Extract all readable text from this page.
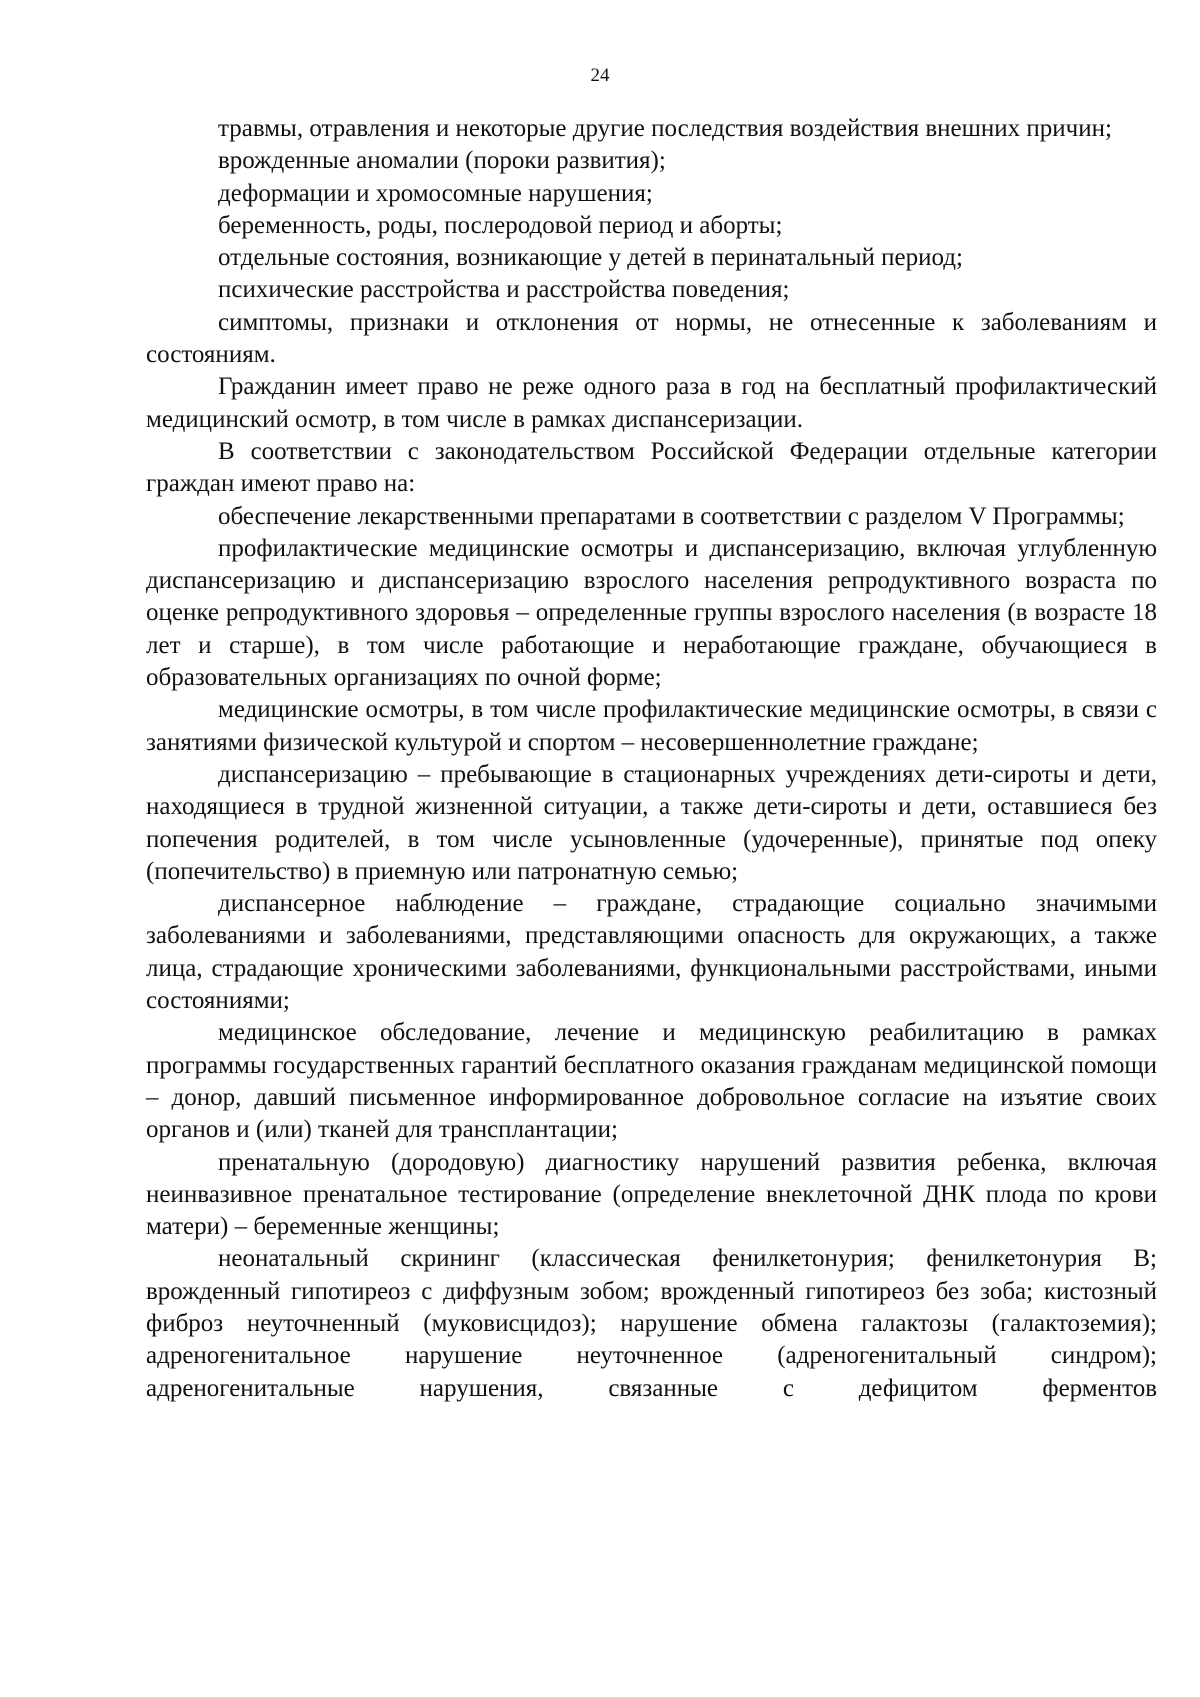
24

травмы, отравления и некоторые другие последствия воздействия внешних причин;

врожденные аномалии (пороки развития);

деформации и хромосомные нарушения;

беременность, роды, послеродовой период и аборты;

отдельные состояния, возникающие у детей в перинатальный период;

психические расстройства и расстройства поведения;

симптомы, признаки и отклонения от нормы, не отнесенные к заболеваниям и состояниям.

Гражданин имеет право не реже одного раза в год на бесплатный профилактический медицинский осмотр, в том числе в рамках диспансеризации.

В соответствии с законодательством Российской Федерации отдельные категории граждан имеют право на:

обеспечение лекарственными препаратами в соответствии с разделом V Программы;

профилактические медицинские осмотры и диспансеризацию, включая углубленную диспансеризацию и диспансеризацию взрослого населения репродуктивного возраста по оценке репродуктивного здоровья – определенные группы взрослого населения (в возрасте 18 лет и старше), в том числе работающие и неработающие граждане, обучающиеся в образовательных организациях по очной форме;

медицинские осмотры, в том числе профилактические медицинские осмотры, в связи с занятиями физической культурой и спортом – несовершеннолетние граждане;

диспансеризацию – пребывающие в стационарных учреждениях дети-сироты и дети, находящиеся в трудной жизненной ситуации, а также дети-сироты и дети, оставшиеся без попечения родителей, в том числе усыновленные (удочеренные), принятые под опеку (попечительство) в приемную или патронатную семью;

диспансерное наблюдение – граждане, страдающие социально значимыми заболеваниями и заболеваниями, представляющими опасность для окружающих, а также лица, страдающие хроническими заболеваниями, функциональными расстройствами, иными состояниями;

медицинское обследование, лечение и медицинскую реабилитацию в рамках программы государственных гарантий бесплатного оказания гражданам медицинской помощи – донор, давший письменное информированное добровольное согласие на изъятие своих органов и (или) тканей для трансплантации;

пренатальную (дородовую) диагностику нарушений развития ребенка, включая неинвазивное пренатальное тестирование (определение внеклеточной ДНК плода по крови матери) – беременные женщины;

неонатальный скрининг (классическая фенилкетонурия; фенилкетонурия B; врожденный гипотиреоз с диффузным зобом; врожденный гипотиреоз без зоба; кистозный фиброз неуточненный (муковисцидоз); нарушение обмена галактозы (галактоземия); адреногенитальное нарушение неуточненное (адреногенитальный синдром); адреногенитальные нарушения, связанные с дефицитом ферментов
